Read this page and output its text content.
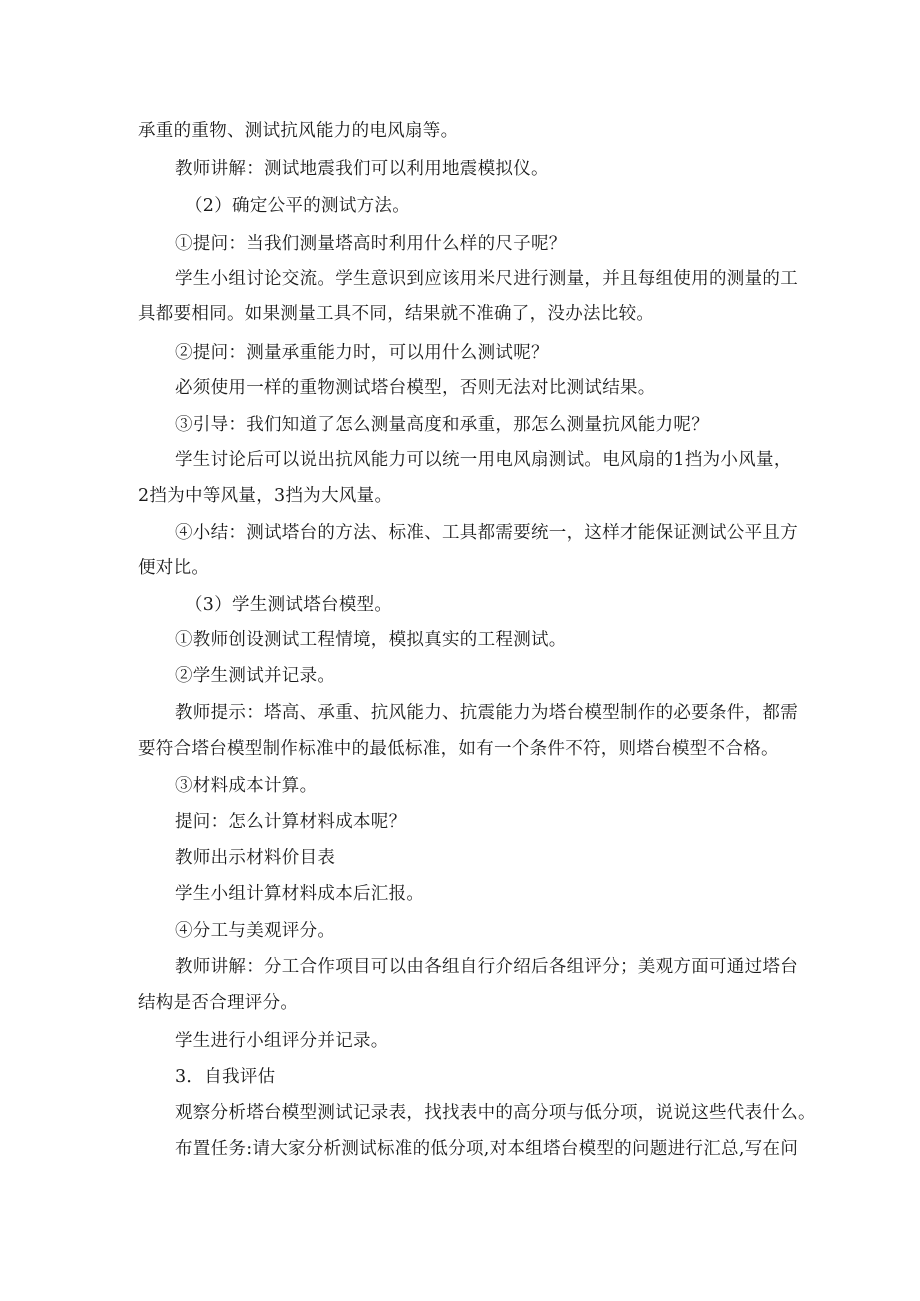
承重的重物、测试抗风能力的电风扇等。
教师讲解：测试地震我们可以利用地震模拟仪。
（2）确定公平的测试方法。
①提问：当我们测量塔高时利用什么样的尺子呢？
学生小组讨论交流。学生意识到应该用米尺进行测量，并且每组使用的测量的工
具都要相同。如果测量工具不同，结果就不准确了，没办法比较。
②提问：测量承重能力时，可以用什么测试呢？
必须使用一样的重物测试塔台模型，否则无法对比测试结果。
③引导：我们知道了怎么测量高度和承重，那怎么测量抗风能力呢？
学生讨论后可以说出抗风能力可以统一用电风扇测试。电风扇的1挡为小风量，
2挡为中等风量，3挡为大风量。
④小结：测试塔台的方法、标准、工具都需要统一，这样才能保证测试公平且方
便对比。
（3）学生测试塔台模型。
①教师创设测试工程情境，模拟真实的工程测试。
②学生测试并记录。
教师提示：塔高、承重、抗风能力、抗震能力为塔台模型制作的必要条件，都需
要符合塔台模型制作标准中的最低标准，如有一个条件不符，则塔台模型不合格。
③材料成本计算。
提问：怎么计算材料成本呢？
教师出示材料价目表
学生小组计算材料成本后汇报。
④分工与美观评分。
教师讲解：分工合作项目可以由各组自行介绍后各组评分；美观方面可通过塔台
结构是否合理评分。
学生进行小组评分并记录。
3．自我评估
观察分析塔台模型测试记录表，找找表中的高分项与低分项，说说这些代表什么。
布置任务:请大家分析测试标准的低分项,对本组塔台模型的问题进行汇总,写在问
